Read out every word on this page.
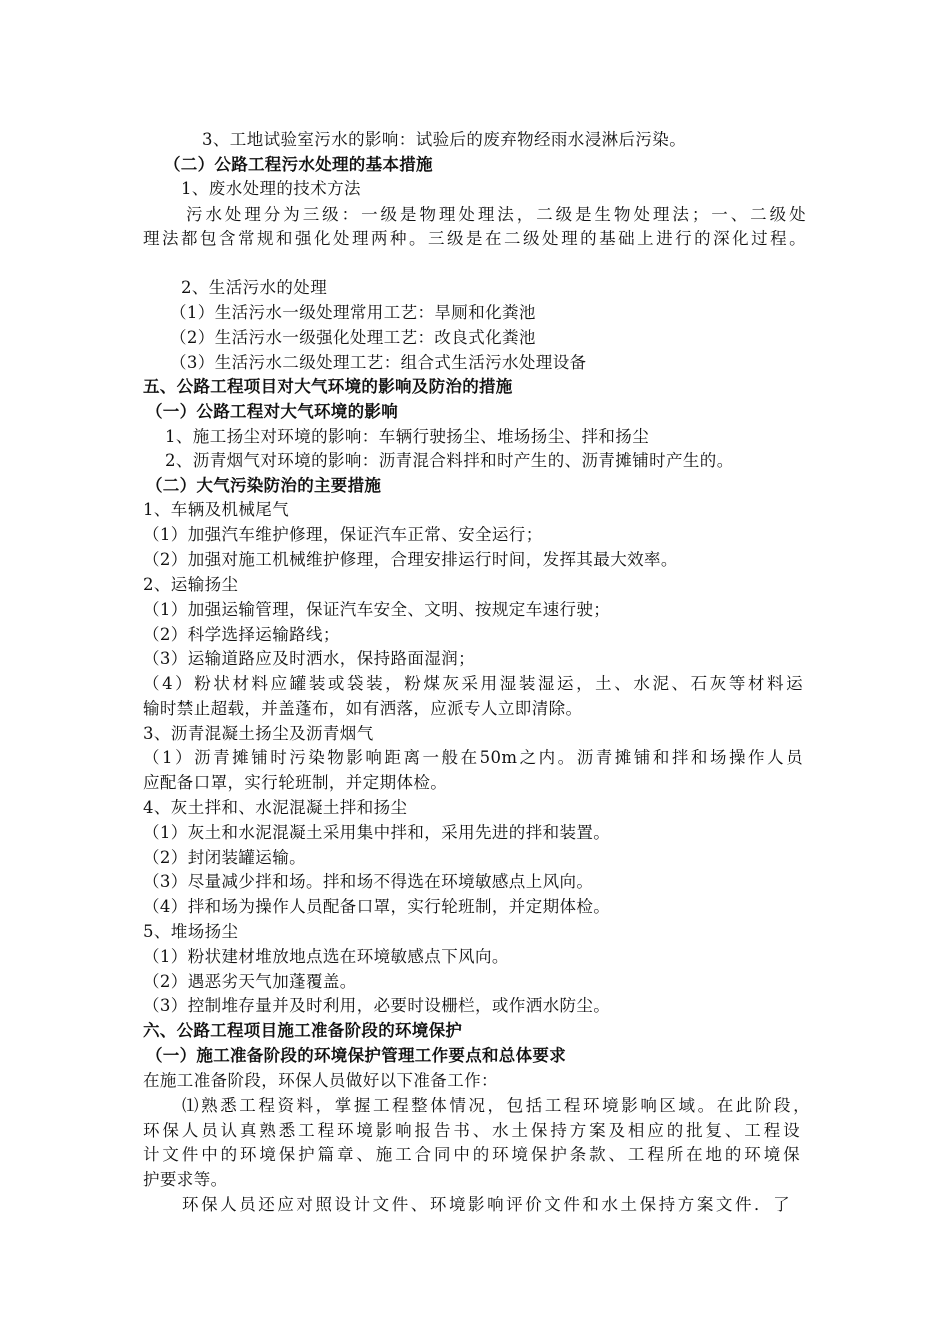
3、工地试验室污水的影响：试验后的废弃物经雨水浸淋后污染。
（二）公路工程污水处理的基本措施
1、废水处理的技术方法
污水处理分为三级：一级是物理处理法，二级是生物处理法；一、二级处
理法都包含常规和强化处理两种。三级是在二级处理的基础上进行的深化过程。
2、生活污水的处理
（1）生活污水一级处理常用工艺：旱厕和化粪池
（2）生活污水一级强化处理工艺：改良式化粪池
（3）生活污水二级处理工艺：组合式生活污水处理设备
五、公路工程项目对大气环境的影响及防治的措施
（一）公路工程对大气环境的影响
1、施工扬尘对环境的影响：车辆行驶扬尘、堆场扬尘、拌和扬尘
2、沥青烟气对环境的影响：沥青混合料拌和时产生的、沥青摊铺时产生的。
（二）大气污染防治的主要措施
1、车辆及机械尾气
（1）加强汽车维护修理，保证汽车正常、安全运行；
（2）加强对施工机械维护修理，合理安排运行时间，发挥其最大效率。
2、运输扬尘
（1）加强运输管理，保证汽车安全、文明、按规定车速行驶；
（2）科学选择运输路线；
（3）运输道路应及时洒水，保持路面湿润；
（4）粉状材料应罐装或袋装，粉煤灰采用湿装湿运，土、水泥、石灰等材料运
输时禁止超载，并盖蓬布，如有洒落，应派专人立即清除。
3、沥青混凝土扬尘及沥青烟气
（1）沥青摊铺时污染物影响距离一般在50m之内。沥青摊铺和拌和场操作人员
应配备口罩，实行轮班制，并定期体检。
4、灰土拌和、水泥混凝土拌和扬尘
（1）灰土和水泥混凝土采用集中拌和，采用先进的拌和装置。
（2）封闭装罐运输。
（3）尽量减少拌和场。拌和场不得选在环境敏感点上风向。
（4）拌和场为操作人员配备口罩，实行轮班制，并定期体检。
5、堆场扬尘
（1）粉状建材堆放地点选在环境敏感点下风向。
（2）遇恶劣天气加蓬覆盖。
（3）控制堆存量并及时利用，必要时设栅栏，或作洒水防尘。
六、公路工程项目施工准备阶段的环境保护
（一）施工准备阶段的环境保护管理工作要点和总体要求
在施工准备阶段，环保人员做好以下准备工作：
⑴熟悉工程资料，掌握工程整体情况，包括工程环境影响区域。在此阶段，
环保人员认真熟悉工程环境影响报告书、水土保持方案及相应的批复、工程设
计文件中的环境保护篇章、施工合同中的环境保护条款、工程所在地的环境保
护要求等。
环保人员还应对照设计文件、环境影响评价文件和水土保持方案文件．了
